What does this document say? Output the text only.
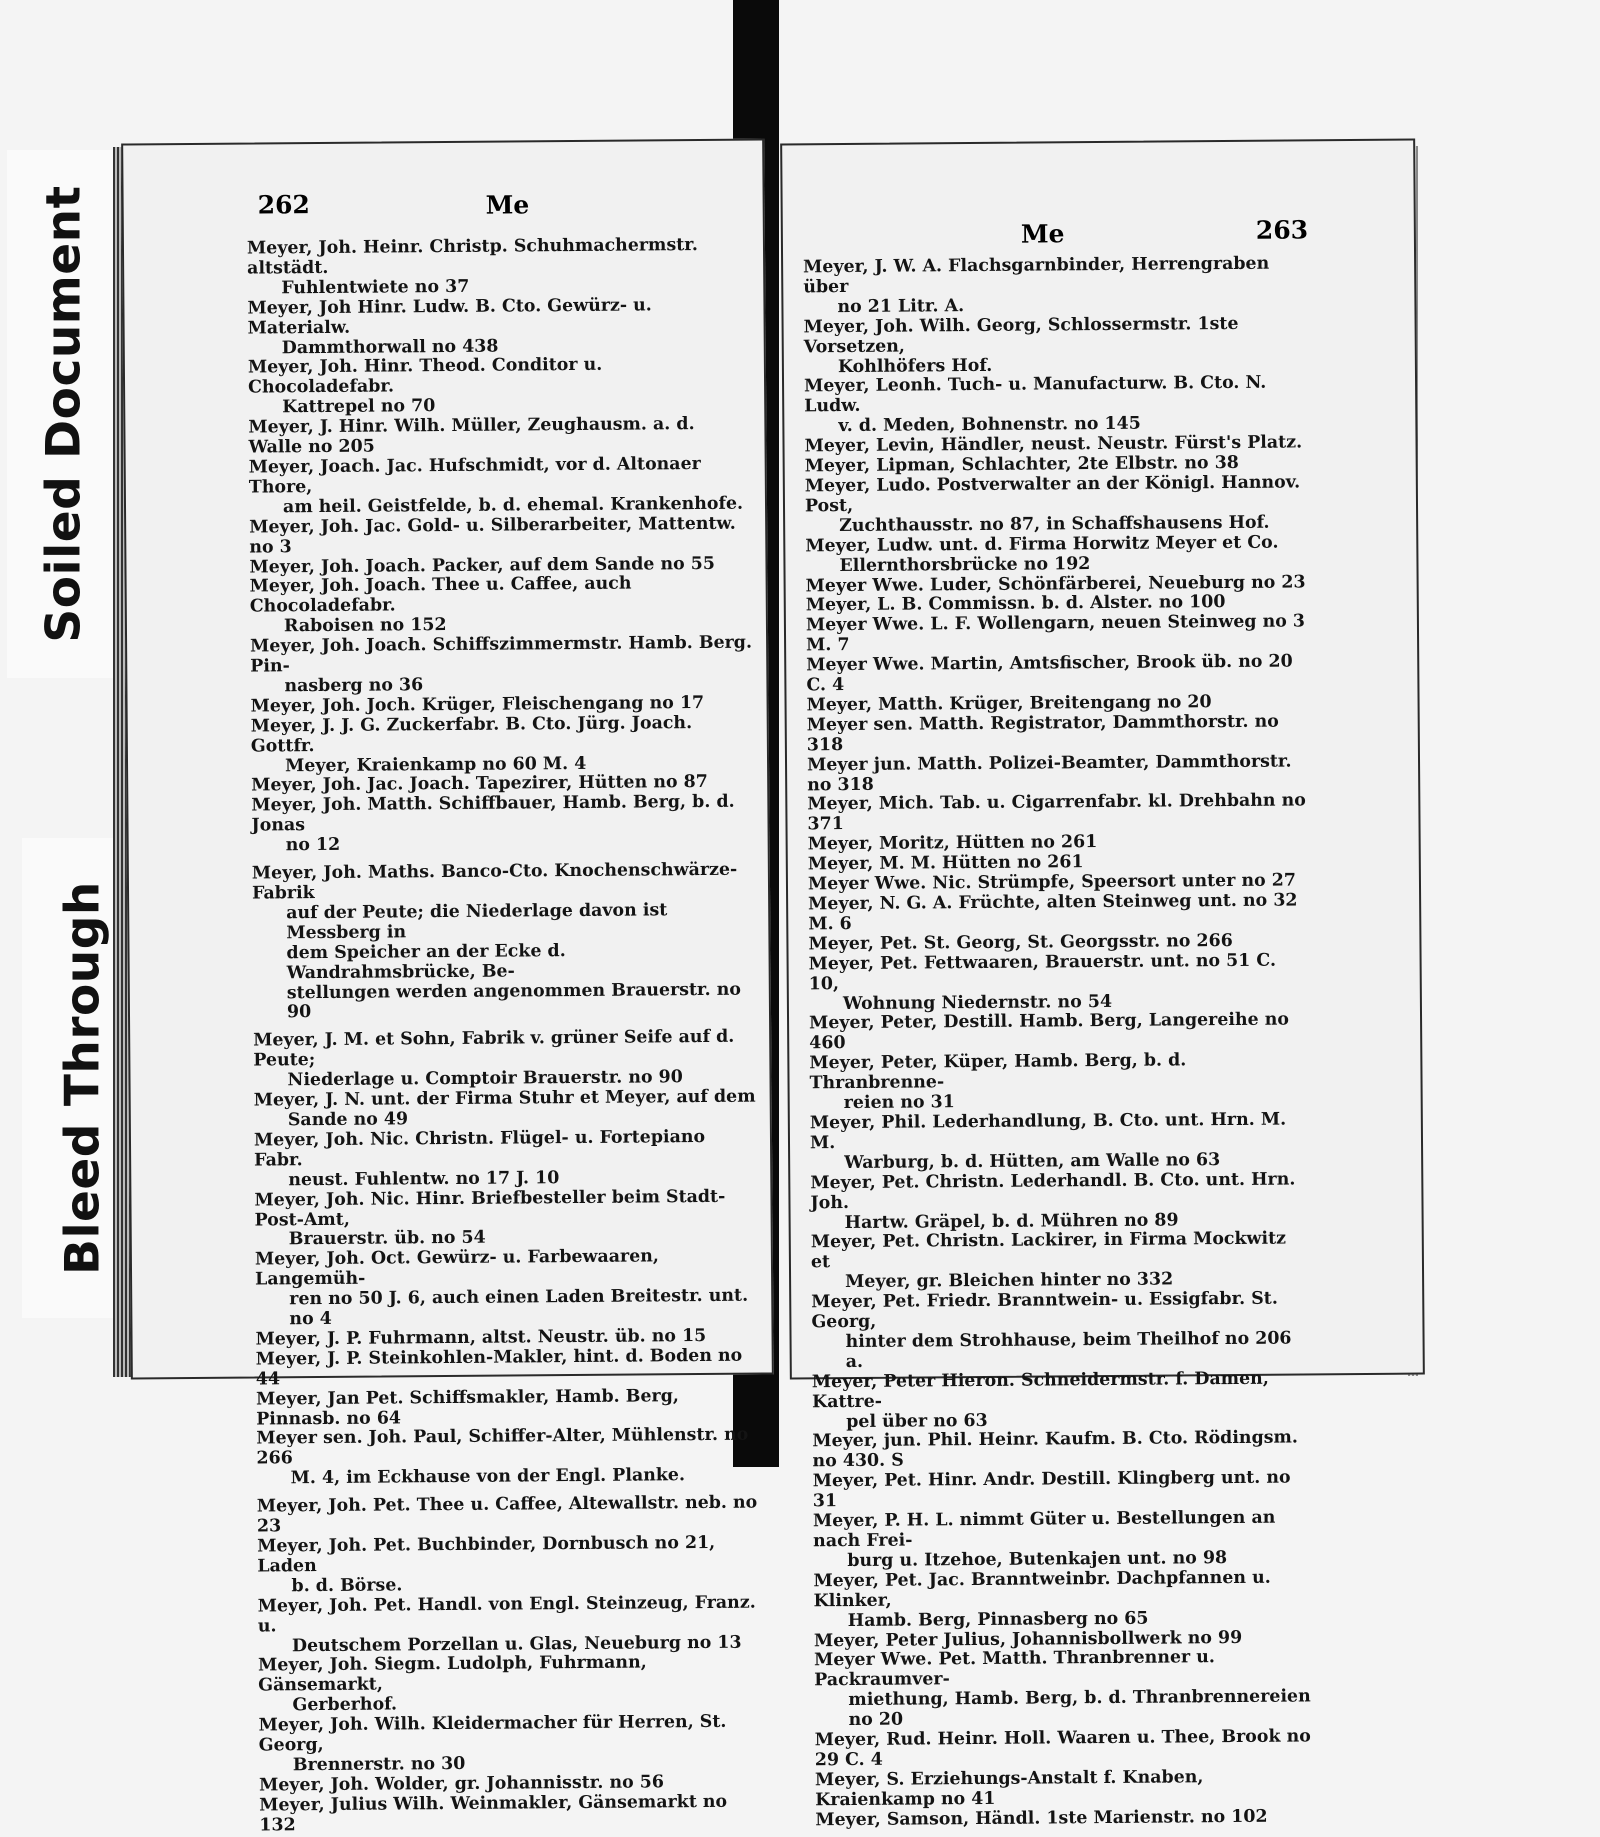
Soiled Document
Bleed Through
262	Me
Meyer, Joh. Heinr. Christp. Schuhmachermstr. altstädt.
Fuhlentwiete no 37
Meyer, Joh Hinr. Ludw. B. Cto. Gewürz- u. Materialw.
Dammthorwall no 438
Meyer, Joh. Hinr. Theod. Conditor u. Chocoladefabr.
Kattrepel no 70
Meyer, J. Hinr. Wilh. Müller, Zeughausm. a. d. Walle no 205
Meyer, Joach. Jac. Hufschmidt, vor d. Altonaer Thore,
am heil. Geistfelde, b. d. ehemal. Krankenhofe.
Meyer, Joh. Jac. Gold- u. Silberarbeiter, Mattentw. no 3
Meyer, Joh. Joach. Packer, auf dem Sande no 55
Meyer, Joh. Joach. Thee u. Caffee, auch Chocoladefabr.
Raboisen no 152
Meyer, Joh. Joach. Schiffszimmermstr. Hamb. Berg. Pin-
nasberg no 36
Meyer, Joh. Joch. Krüger, Fleischengang no 17
Meyer, J. J. G. Zuckerfabr. B. Cto. Jürg. Joach. Gottfr.
Meyer, Kraienkamp no 60 M. 4
Meyer, Joh. Jac. Joach. Tapezirer, Hütten no 87
Meyer, Joh. Matth. Schiffbauer, Hamb. Berg, b. d. Jonas
no 12
Meyer, Joh. Maths. Banco-Cto. Knochenschwärze-Fabrik
auf der Peute; die Niederlage davon ist Messberg in
dem Speicher an der Ecke d. Wandrahmsbrücke, Be-
stellungen werden angenommen Brauerstr. no 90
Meyer, J. M. et Sohn, Fabrik v. grüner Seife auf d. Peute;
Niederlage u. Comptoir Brauerstr. no 90
Meyer, J. N. unt. der Firma Stuhr et Meyer, auf dem
Sande no 49
Meyer, Joh. Nic. Christn. Flügel- u. Fortepiano Fabr.
neust. Fuhlentw. no 17 J. 10
Meyer, Joh. Nic. Hinr. Briefbesteller beim Stadt-Post-Amt,
Brauerstr. üb. no 54
Meyer, Joh. Oct. Gewürz- u. Farbewaaren, Langemüh-
ren no 50 J. 6, auch einen Laden Breitestr. unt. no 4
Meyer, J. P. Fuhrmann, altst. Neustr. üb. no 15
Meyer, J. P. Steinkohlen-Makler, hint. d. Boden no 44
Meyer, Jan Pet. Schiffsmakler, Hamb. Berg, Pinnasb. no 64
Meyer sen. Joh. Paul, Schiffer-Alter, Mühlenstr. no 266
M. 4, im Eckhause von der Engl. Planke.
Meyer, Joh. Pet. Thee u. Caffee, Altewallstr. neb. no 23
Meyer, Joh. Pet. Buchbinder, Dornbusch no 21, Laden
b. d. Börse.
Meyer, Joh. Pet. Handl. von Engl. Steinzeug, Franz. u.
Deutschem Porzellan u. Glas, Neueburg no 13
Meyer, Joh. Siegm. Ludolph, Fuhrmann, Gänsemarkt,
Gerberhof.
Meyer, Joh. Wilh. Kleidermacher für Herren, St. Georg,
Brennerstr. no 30
Meyer, Joh. Wolder, gr. Johannisstr. no 56
Meyer, Julius Wilh. Weinmakler, Gänsemarkt no 132
Me	263
Meyer, J. W. A. Flachsgarnbinder, Herrengraben über
no 21 Litr. A.
Meyer, Joh. Wilh. Georg, Schlossermstr. 1ste Vorsetzen,
Kohlhöfers Hof.
Meyer, Leonh. Tuch- u. Manufacturw. B. Cto. N. Ludw.
v. d. Meden, Bohnenstr. no 145
Meyer, Levin, Händler, neust. Neustr. Fürst's Platz.
Meyer, Lipman, Schlachter, 2te Elbstr. no 38
Meyer, Ludo. Postverwalter an der Königl. Hannov. Post,
Zuchthausstr. no 87, in Schaffshausens Hof.
Meyer, Ludw. unt. d. Firma Horwitz Meyer et Co.
Ellernthorsbrücke no 192
Meyer Wwe. Luder, Schönfärberei, Neueburg no 23
Meyer, L. B. Commissn. b. d. Alster. no 100
Meyer Wwe. L. F. Wollengarn, neuen Steinweg no 3 M. 7
Meyer Wwe. Martin, Amtsfischer, Brook üb. no 20 C. 4
Meyer, Matth. Krüger, Breitengang no 20
Meyer sen. Matth. Registrator, Dammthorstr. no 318
Meyer jun. Matth. Polizei-Beamter, Dammthorstr. no 318
Meyer, Mich. Tab. u. Cigarrenfabr. kl. Drehbahn no 371
Meyer, Moritz, Hütten no 261
Meyer, M. M. Hütten no 261
Meyer Wwe. Nic. Strümpfe, Speersort unter no 27
Meyer, N. G. A. Früchte, alten Steinweg unt. no 32 M. 6
Meyer, Pet. St. Georg, St. Georgsstr. no 266
Meyer, Pet. Fettwaaren, Brauerstr. unt. no 51 C. 10,
Wohnung Niedernstr. no 54
Meyer, Peter, Destill. Hamb. Berg, Langereihe no 460
Meyer, Peter, Küper, Hamb. Berg, b. d. Thranbrenne-
reien no 31
Meyer, Phil. Lederhandlung, B. Cto. unt. Hrn. M. M.
Warburg, b. d. Hütten, am Walle no 63
Meyer, Pet. Christn. Lederhandl. B. Cto. unt. Hrn. Joh.
Hartw. Gräpel, b. d. Mühren no 89
Meyer, Pet. Christn. Lackirer, in Firma Mockwitz et
Meyer, gr. Bleichen hinter no 332
Meyer, Pet. Friedr. Branntwein- u. Essigfabr. St. Georg,
hinter dem Strohhause, beim Theilhof no 206 a.
Meyer, Peter Hieron. Schneidermstr. f. Damen, Kattre-
pel über no 63
Meyer, jun. Phil. Heinr. Kaufm. B. Cto. Rödingsm. no 430. S
Meyer, Pet. Hinr. Andr. Destill. Klingberg unt. no 31
Meyer, P. H. L. nimmt Güter u. Bestellungen an nach Frei-
burg u. Itzehoe, Butenkajen unt. no 98
Meyer, Pet. Jac. Branntweinbr. Dachpfannen u. Klinker,
Hamb. Berg, Pinnasberg no 65
Meyer, Peter Julius, Johannisbollwerk no 99
Meyer Wwe. Pet. Matth. Thranbrenner u. Packraumver-
miethung, Hamb. Berg, b. d. Thranbrennereien no 20
Meyer, Rud. Heinr. Holl. Waaren u. Thee, Brook no 29 C. 4
Meyer, S. Erziehungs-Anstalt f. Knaben, Kraienkamp no 41
Meyer, Samson, Händl. 1ste Marienstr. no 102
